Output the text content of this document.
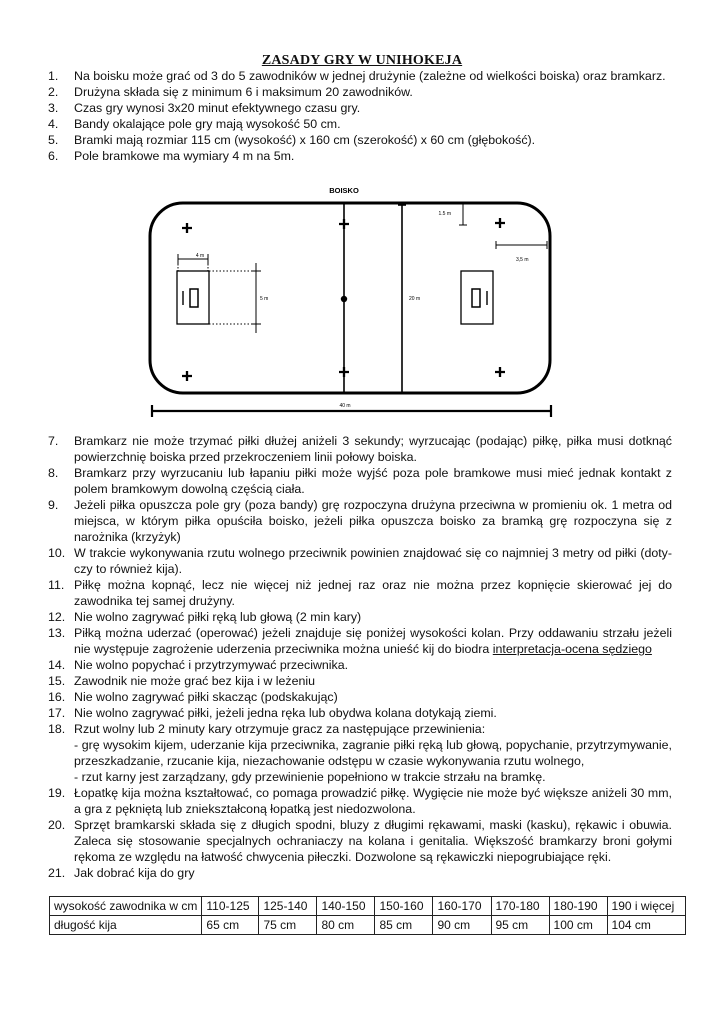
ZASADY GRY W UNIHOKEJA
1.	Na boisku może grać od 3 do 5 zawodników w jednej drużynie (zależne od wielkości boiska) oraz bramkarz.
2.	Drużyna składa się z minimum 6 i maksimum 20 zawodników.
3.	Czas gry wynosi 3x20 minut efektywnego czasu gry.
4.	Bandy okalające pole gry mają wysokość 50 cm.
5.	Bramki mają rozmiar 115 cm (wysokość) x 160 cm (szerokość) x 60 cm (głębokość).
6.	Pole bramkowe ma wymiary 4 m na 5m.
BOISKO
4 m
5 m	20 m
1.5 m
3,5 m
40 m
7.	Bramkarz nie może trzymać piłki dłużej aniżeli 3 sekundy; wyrzucając (podając) piłkę, piłka musi dotknąć powierzchnię boiska przed przekroczeniem linii połowy boiska.
8.	Bramkarz przy wyrzucaniu lub łapaniu piłki może wyjść poza pole bramkowe musi mieć jednak kontakt z polem bramkowym dowolną częścią ciała.
9.	Jeżeli piłka opuszcza pole gry (poza bandy) grę rozpoczyna drużyna przeciwna w promieniu ok. 1 metra od miejsca, w którym piłka opuściła boisko, jeżeli piłka opuszcza boisko za bramką grę rozpoczyna się z narożnika (krzyżyk)
10. W trakcie wykonywania rzutu wolnego przeciwnik powinien znajdować się co najmniej 3 metry od piłki (doty- czy to również kija).
11. Piłkę można kopnąć, lecz nie więcej niż jednej raz oraz nie można przez kopnięcie skierować jej do zawodnika tej samej drużyny.
12. Nie wolno zagrywać piłki ręką lub głową (2 min kary)
13. Piłką można uderzać (operować) jeżeli znajduje się poniżej wysokości kolan. Przy oddawaniu strzału jeżeli nie występuje zagrożenie uderzenia przeciwnika można unieść kij do biodra interpretacja-ocena sędziego
14. Nie wolno popychać i przytrzymywać przeciwnika.
15. Zawodnik nie może grać bez kija i w leżeniu
16. Nie wolno zagrywać piłki skacząc (podskakując)
17. Nie wolno zagrywać piłki, jeżeli jedna ręka lub obydwa kolana dotykają ziemi.
18. Rzut wolny lub 2 minuty kary otrzymuje gracz za następujące przewinienia:
- grę wysokim kijem, uderzanie kija przeciwnika, zagranie piłki ręką lub głową, popychanie, przytrzymywanie, przeszkadzanie, rzucanie kija, niezachowanie odstępu w czasie wykonywania rzutu wolnego,
- rzut karny jest zarządzany, gdy przewinienie popełniono w trakcie strzału na bramkę.
19. Łopatkę kija można kształtować, co pomaga prowadzić piłkę. Wygięcie nie może być większe aniżeli 30 mm, a gra z pękniętą lub zniekształconą łopatką jest niedozwolona.
20. Sprzęt bramkarski składa się z długich spodni, bluzy z długimi rękawami, maski (kasku), rękawic i obuwia. Zaleca się stosowanie specjalnych ochraniaczy na kolana i genitalia. Większość bramkarzy broni gołymi rękoma ze względu na łatwość chwycenia piłeczki. Dozwolone są rękawiczki niepogrubiające ręki.
21. Jak dobrać kija do gry
wysokość zawodnika w cm	110-125	125-140	140-150	150-160	160-170	170-180	180-190	190 i więcej
długość kija	65 cm	75 cm	80 cm	85 cm	90 cm	95 cm	100 cm	104 cm
